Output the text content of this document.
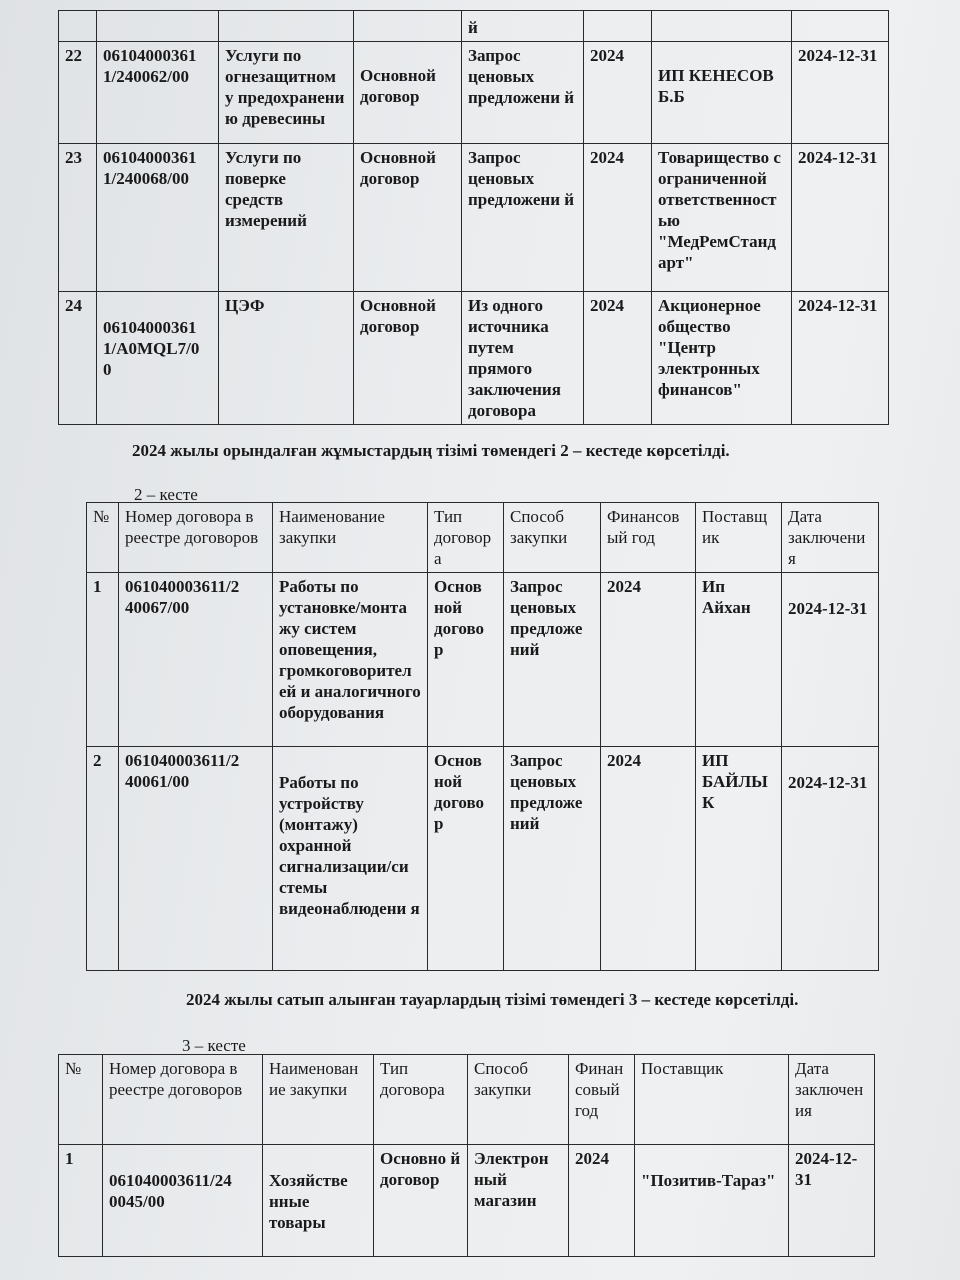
				й			
22	06104000361 1/240062/00	Услуги по огнезащитном у предохранени ю древесины	Основной договор	Запрос ценовых предложени й	2024	ИП КЕНЕСОВ Б.Б	2024-12-31
23	06104000361 1/240068/00	Услуги по поверке средств измерений	Основной договор	Запрос ценовых предложени й	2024	Товарищество с ограниченной ответственност ью "МедРемСтанд арт"	2024-12-31
24	06104000361 1/A0MQL7/0 0	ЦЭФ	Основной договор	Из одного источника путем прямого заключения договора	2024	Акционерное общество "Центр электронных финансов"	2024-12-31
2024 жылы орындалған жұмыстардың тізімі төмендегі 2 – кестеде көрсетілді.
2 – кесте
№	Номер договора в реестре договоров	Наименование закупки	Тип договора	Способ закупки	Финансовый год	Поставщик	Дата заключения
1	061040003611/2 40067/00	Работы по установке/монта жу систем оповещения, громкоговорител ей и аналогичного оборудования	Основ ной догово р	Запрос ценовых предложе ний	2024	Ип Айхан	2024-12-31
2	061040003611/2 40061/00	Работы по устройству (монтажу) охранной сигнализации/си стемы видеонаблюдени я	Основ ной догово р	Запрос ценовых предложе ний	2024	ИП БАЙЛЫ К	2024-12-31
2024 жылы сатып алынған тауарлардың тізімі төмендегі 3 – кестеде көрсетілді.
3 – кесте
№	Номер договора в реестре договоров	Наименование закупки	Тип договора	Способ закупки	Финансовый год	Поставщик	Дата заключения
1	061040003611/24 0045/00	Хозяйстве нные товары	Основно й договор	Электрон ный магазин	2024	"Позитив-Тараз"	2024-12-31
